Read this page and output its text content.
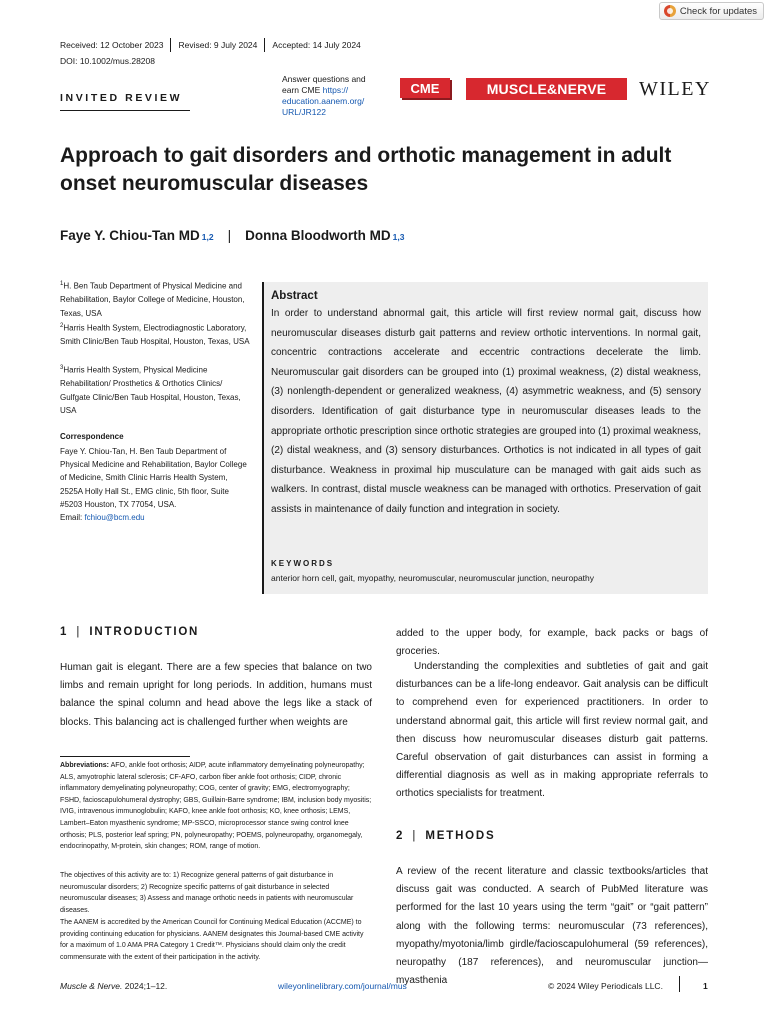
Check for updates
Received: 12 October 2023 Revised: 9 July 2024 Accepted: 14 July 2024
DOI: 10.1002/mus.28208
INVITED REVIEW
Answer questions and
earn CME https://
education.aanem.org/
URL/JR122
CME	MUSCLE&NERVE	WILEY
Approach to gait disorders and orthotic management in adult onset neuromuscular diseases
Faye Y. Chiou-Tan MD 1,2 | Donna Bloodworth MD 1,3
$^1$H. Ben Taub Department of Physical Medicine and Rehabilitation, Baylor College of Medicine, Houston, Texas, USA
$^2$Harris Health System, Electrodiagnostic Laboratory, Smith Clinic/Ben Taub Hospital, Houston, Texas, USA
$^3$Harris Health System, Physical Medicine Rehabilitation/ Prosthetics & Orthotics Clinics/ Gulfgate Clinic/Ben Taub Hospital, Houston, Texas, USA
Correspondence
Faye Y. Chiou-Tan, H. Ben Taub Department of Physical Medicine and Rehabilitation, Baylor College of Medicine, Smith Clinic Harris Health System, 2525A Holly Hall St., EMG clinic, 5th floor, Suite #5203 Houston, TX 77054, USA.
Email: fchiou@bcm.edu
Abstract

In order to understand abnormal gait, this article will first review normal gait, discuss how neuromuscular diseases disturb gait patterns and review orthotic interventions. In normal gait, concentric contractions accelerate and eccentric contractions decelerate the limb. Neuromuscular gait disorders can be grouped into (1) proximal weakness, (2) distal weakness, (3) nonlength-dependent or generalized weakness, (4) asymmetric weakness, and (5) sensory disorders. Identification of gait disturbance type in neuromuscular diseases leads to the appropriate orthotic prescription since orthotic strategies are grouped into (1) proximal weakness, (2) distal weakness, and (3) sensory disturbances. Orthotics is not indicated in all types of gait disturbance. Weakness in proximal hip musculature can be managed with gait aids such as walkers. In contrast, distal muscle weakness can be managed with orthotics. Preservation of gait assists in maintenance of daily function and integration in society.

KEYWORDS
anterior horn cell, gait, myopathy, neuromuscular, neuromuscular junction, neuropathy
1 | INTRODUCTION

Human gait is elegant. There are a few species that balance on two limbs and remain upright for long periods. In addition, humans must balance the spinal column and head above the legs like a stack of blocks. This balancing act is challenged further when weights are

Abbreviations: AFO, ankle foot orthosis; AIDP, acute inflammatory demyelinating polyneuropathy; ALS, amyotrophic lateral sclerosis; CF-AFO, carbon fiber ankle foot orthosis; CIDP, chronic inflammatory demyelinating polyneuropathy; COG, center of gravity; EMG, electromyography; FSHD, facioscapulohumeral dystrophy; GBS, Guillain-Barre syndrome; IBM, inclusion body myositis; IVIG, intravenous immunoglobulin; KAFO, knee ankle foot orthosis; KO, knee orthosis; LEMS, Lambert–Eaton myasthenic syndrome; MP-SSCO, microprocessor stance swing control knee orthosis; PLS, posterior leaf spring; PN, polyneuropathy; POEMS, polyneuropathy, organomegaly, endocrinopathy, M-protein, skin changes; ROM, range of motion.

The objectives of this activity are to: 1) Recognize general patterns of gait disturbance in neuromuscular disorders; 2) Recognize specific patterns of gait disturbance in selected neuromuscular diseases; 3) Assess and manage orthotic needs in patients with neuromuscular diseases.

The AANEM is accredited by the American Council for Continuing Medical Education (ACCME) to providing continuing education for physicians. AANEM designates this Journal-based CME activity for a maximum of 1.0 AMA PRA Category 1 Credit™. Physicians should claim only the credit commensurate with the extent of their participation in the activity.

added to the upper body, for example, back packs or bags of groceries.

Understanding the complexities and subtleties of gait and gait disturbances can be a life-long endeavor. Gait analysis can be difficult to comprehend even for experienced practitioners. In order to understand abnormal gait, this article will first review normal gait, and then discuss how neuromuscular diseases disturb gait patterns. Careful observation of gait disturbances can assist in forming a differential diagnosis as well as in making appropriate referrals to orthotics specialists for treatment.

2 | METHODS

A review of the recent literature and classic textbooks/articles that discuss gait was conducted. A search of PubMed literature was performed for the last 10 years using the term “gait” or “gait pattern” along with the following terms: neuromuscular (73 references), myopathy/myotonia/limb girdle/facioscapulohumeral (59 references), neuropathy (187 references), and neuromuscular junction—myasthenia

Muscle & Nerve. 2024;1–12.	wileyonlinelibrary.com/journal/mus	© 2024 Wiley Periodicals LLC.	1
